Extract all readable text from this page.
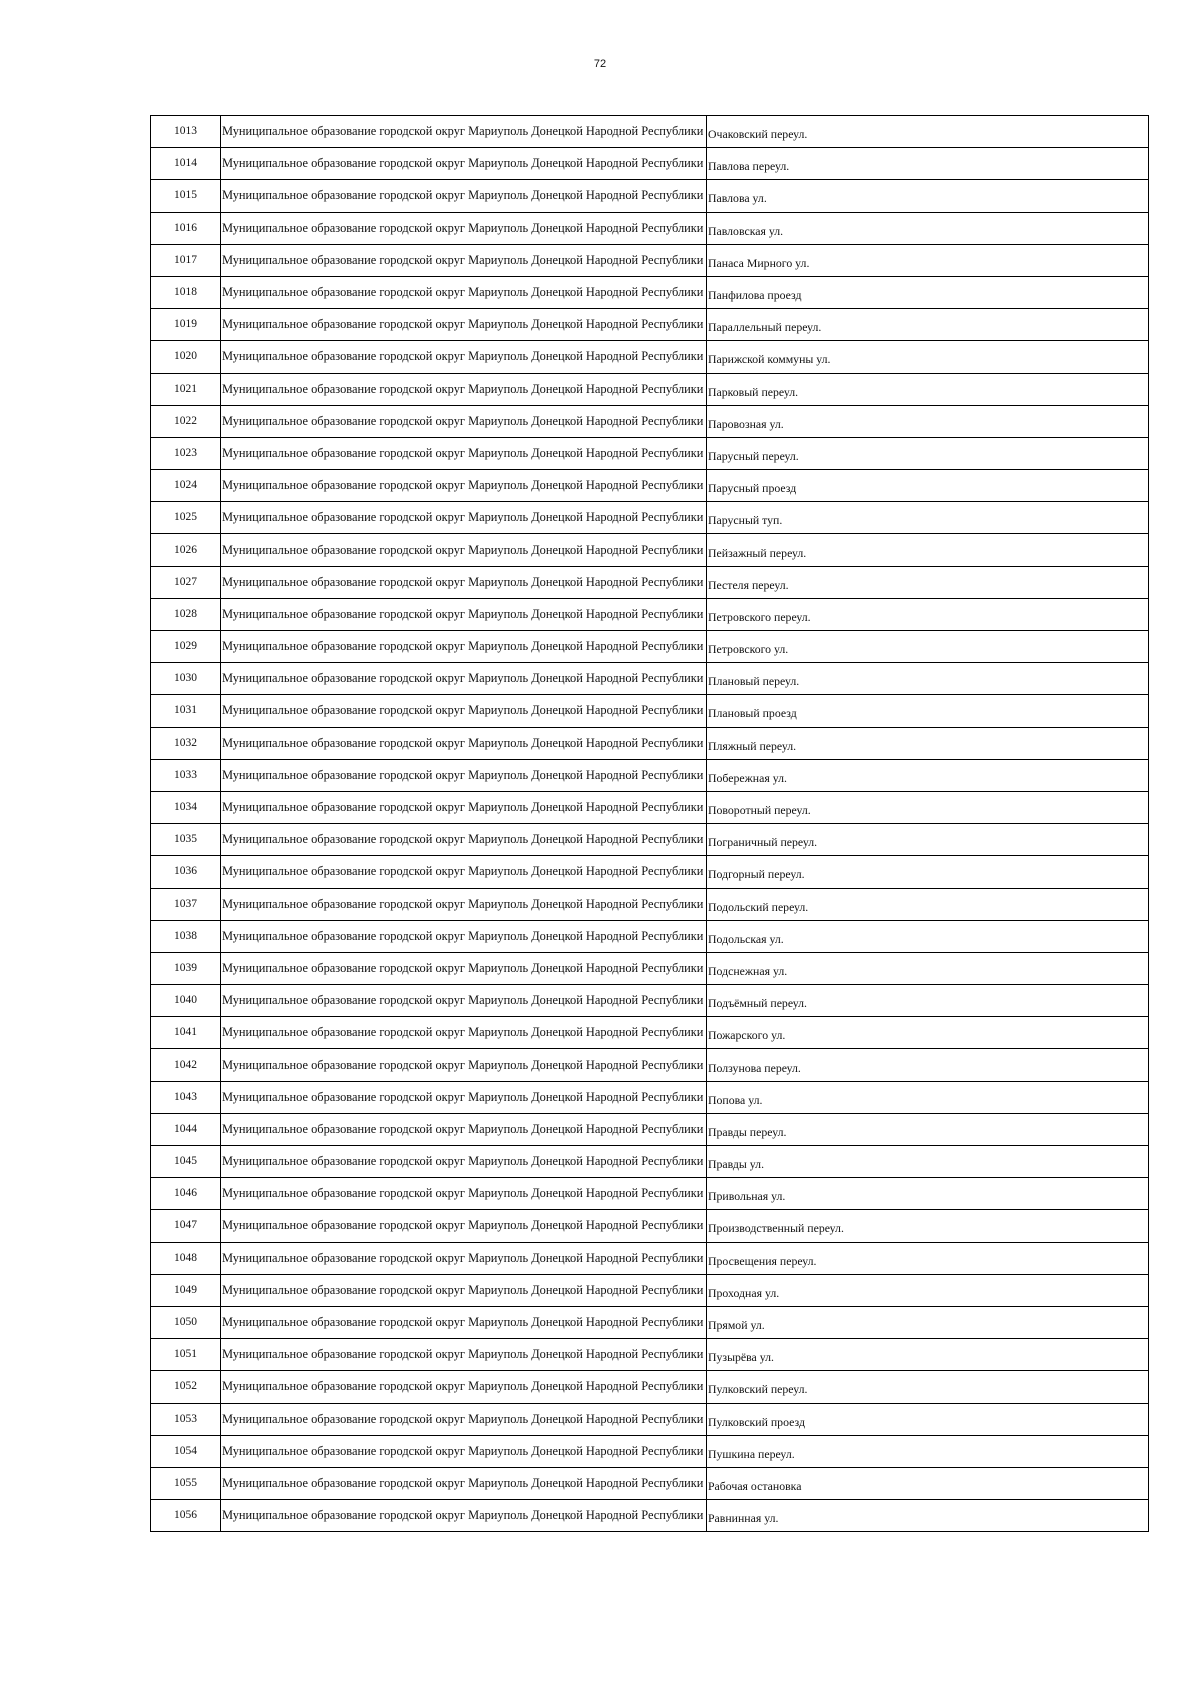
72
1013	Муниципальное образование городской округ Мариуполь Донецкой Народной Республики	Очаковский переул.
1014	Муниципальное образование городской округ Мариуполь Донецкой Народной Республики	Павлова переул.
1015	Муниципальное образование городской округ Мариуполь Донецкой Народной Республики	Павлова ул.
1016	Муниципальное образование городской округ Мариуполь Донецкой Народной Республики	Павловская ул.
1017	Муниципальное образование городской округ Мариуполь Донецкой Народной Республики	Панаса Мирного ул.
1018	Муниципальное образование городской округ Мариуполь Донецкой Народной Республики	Панфилова проезд
1019	Муниципальное образование городской округ Мариуполь Донецкой Народной Республики	Параллельный переул.
1020	Муниципальное образование городской округ Мариуполь Донецкой Народной Республики	Парижской коммуны ул.
1021	Муниципальное образование городской округ Мариуполь Донецкой Народной Республики	Парковый переул.
1022	Муниципальное образование городской округ Мариуполь Донецкой Народной Республики	Паровозная ул.
1023	Муниципальное образование городской округ Мариуполь Донецкой Народной Республики	Парусный переул.
1024	Муниципальное образование городской округ Мариуполь Донецкой Народной Республики	Парусный проезд
1025	Муниципальное образование городской округ Мариуполь Донецкой Народной Республики	Парусный туп.
1026	Муниципальное образование городской округ Мариуполь Донецкой Народной Республики	Пейзажный переул.
1027	Муниципальное образование городской округ Мариуполь Донецкой Народной Республики	Пестеля переул.
1028	Муниципальное образование городской округ Мариуполь Донецкой Народной Республики	Петровского переул.
1029	Муниципальное образование городской округ Мариуполь Донецкой Народной Республики	Петровского ул.
1030	Муниципальное образование городской округ Мариуполь Донецкой Народной Республики	Плановый переул.
1031	Муниципальное образование городской округ Мариуполь Донецкой Народной Республики	Плановый проезд
1032	Муниципальное образование городской округ Мариуполь Донецкой Народной Республики	Пляжный переул.
1033	Муниципальное образование городской округ Мариуполь Донецкой Народной Республики	Побережная ул.
1034	Муниципальное образование городской округ Мариуполь Донецкой Народной Республики	Поворотный переул.
1035	Муниципальное образование городской округ Мариуполь Донецкой Народной Республики	Пограничный переул.
1036	Муниципальное образование городской округ Мариуполь Донецкой Народной Республики	Подгорный переул.
1037	Муниципальное образование городской округ Мариуполь Донецкой Народной Республики	Подольский переул.
1038	Муниципальное образование городской округ Мариуполь Донецкой Народной Республики	Подольская ул.
1039	Муниципальное образование городской округ Мариуполь Донецкой Народной Республики	Подснежная ул.
1040	Муниципальное образование городской округ Мариуполь Донецкой Народной Республики	Подъёмный переул.
1041	Муниципальное образование городской округ Мариуполь Донецкой Народной Республики	Пожарского ул.
1042	Муниципальное образование городской округ Мариуполь Донецкой Народной Республики	Ползунова переул.
1043	Муниципальное образование городской округ Мариуполь Донецкой Народной Республики	Попова ул.
1044	Муниципальное образование городской округ Мариуполь Донецкой Народной Республики	Правды переул.
1045	Муниципальное образование городской округ Мариуполь Донецкой Народной Республики	Правды ул.
1046	Муниципальное образование городской округ Мариуполь Донецкой Народной Республики	Привольная ул.
1047	Муниципальное образование городской округ Мариуполь Донецкой Народной Республики	Производственный переул.
1048	Муниципальное образование городской округ Мариуполь Донецкой Народной Республики	Просвещения переул.
1049	Муниципальное образование городской округ Мариуполь Донецкой Народной Республики	Проходная ул.
1050	Муниципальное образование городской округ Мариуполь Донецкой Народной Республики	Прямой ул.
1051	Муниципальное образование городской округ Мариуполь Донецкой Народной Республики	Пузырёва ул.
1052	Муниципальное образование городской округ Мариуполь Донецкой Народной Республики	Пулковский переул.
1053	Муниципальное образование городской округ Мариуполь Донецкой Народной Республики	Пулковский проезд
1054	Муниципальное образование городской округ Мариуполь Донецкой Народной Республики	Пушкина переул.
1055	Муниципальное образование городской округ Мариуполь Донецкой Народной Республики	Рабочая остановка
1056	Муниципальное образование городской округ Мариуполь Донецкой Народной Республики	Равнинная ул.
